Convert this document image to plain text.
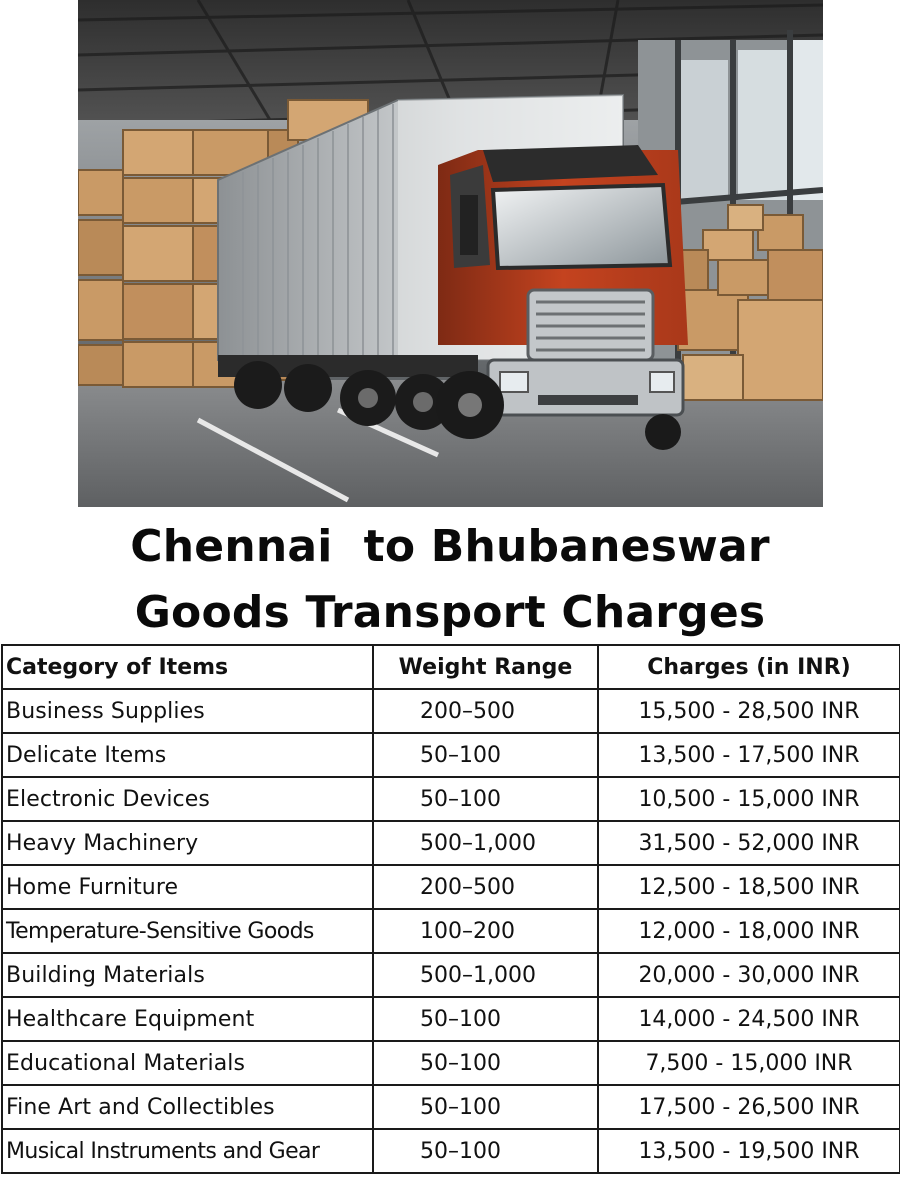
Chennai  to Bhubaneswar
Goods Transport Charges
Category of Items	Weight Range	Charges (in INR)
Business Supplies	200–500	15,500 - 28,500 INR
Delicate Items	50–100	13,500 - 17,500 INR
Electronic Devices	50–100	10,500 - 15,000 INR
Heavy Machinery	500–1,000	31,500 - 52,000 INR
Home Furniture	200–500	12,500 - 18,500 INR
Temperature-Sensitive Goods	100–200	12,000 - 18,000 INR
Building Materials	500–1,000	20,000 - 30,000 INR
Healthcare Equipment	50–100	14,000 - 24,500 INR
Educational Materials	50–100	7,500 - 15,000 INR
Fine Art and Collectibles	50–100	17,500 - 26,500 INR
Musical Instruments and Gear	50–100	13,500 - 19,500 INR
